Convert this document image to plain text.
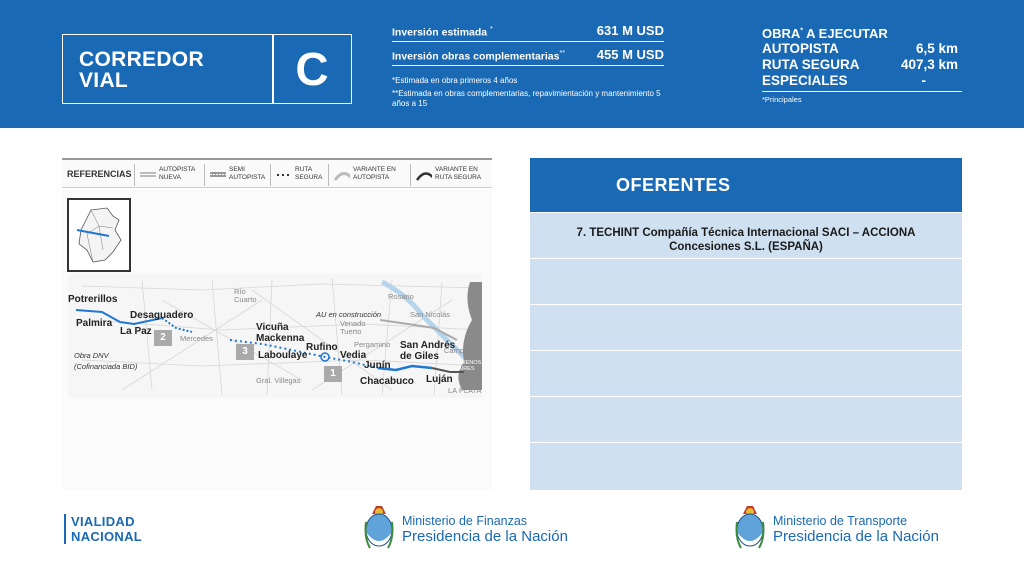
CORREDOR
VIAL	C
Inversión estimada *	631 M USD
Inversión obras complementarias** 455 M USD
*Estimada en obra primeros 4 años
**Estimada en obras complementarias, repavimientación y mantenimiento 5 años a 15
OBRA* A EJECUTAR
AUTOPISTA	6,5 km
RUTA SEGURA	407,3 km
ESPECIALES	-
*Principales
REFERENCIAS	AUTOPISTA
NUEVA
SEMI
AUTOPISTA
RUTA
SEGURA
VARIANTE EN
AUTOPISTA
VARIANTE EN
RUTA SEGURA
2
3
1
Río
Cuarto	Rosario
San Nicolás
Venado
Tuerto
Pergamino
Mercedes
Gral. Villegas
Campana
BUENOS
AIRES
LA PLATA
AU en construcción
Obra DNV
(Cofinanciada BID)
Potrerillos
Palmira
Desaguadero
La Paz	Vicuña
Mackenna
Laboulaye
Rufino
Vedia
San Andrés
de Giles
Junín
Chacabuco Luján
OFERENTES
7. TECHINT Compañía Técnica Internacional SACI – ACCIONA Concesiones S.L. (ESPAÑA)
VIALIDAD
NACIONAL
Ministerio de Finanzas
Presidencia de la Nación
Ministerio de Transporte
Presidencia de la Nación
